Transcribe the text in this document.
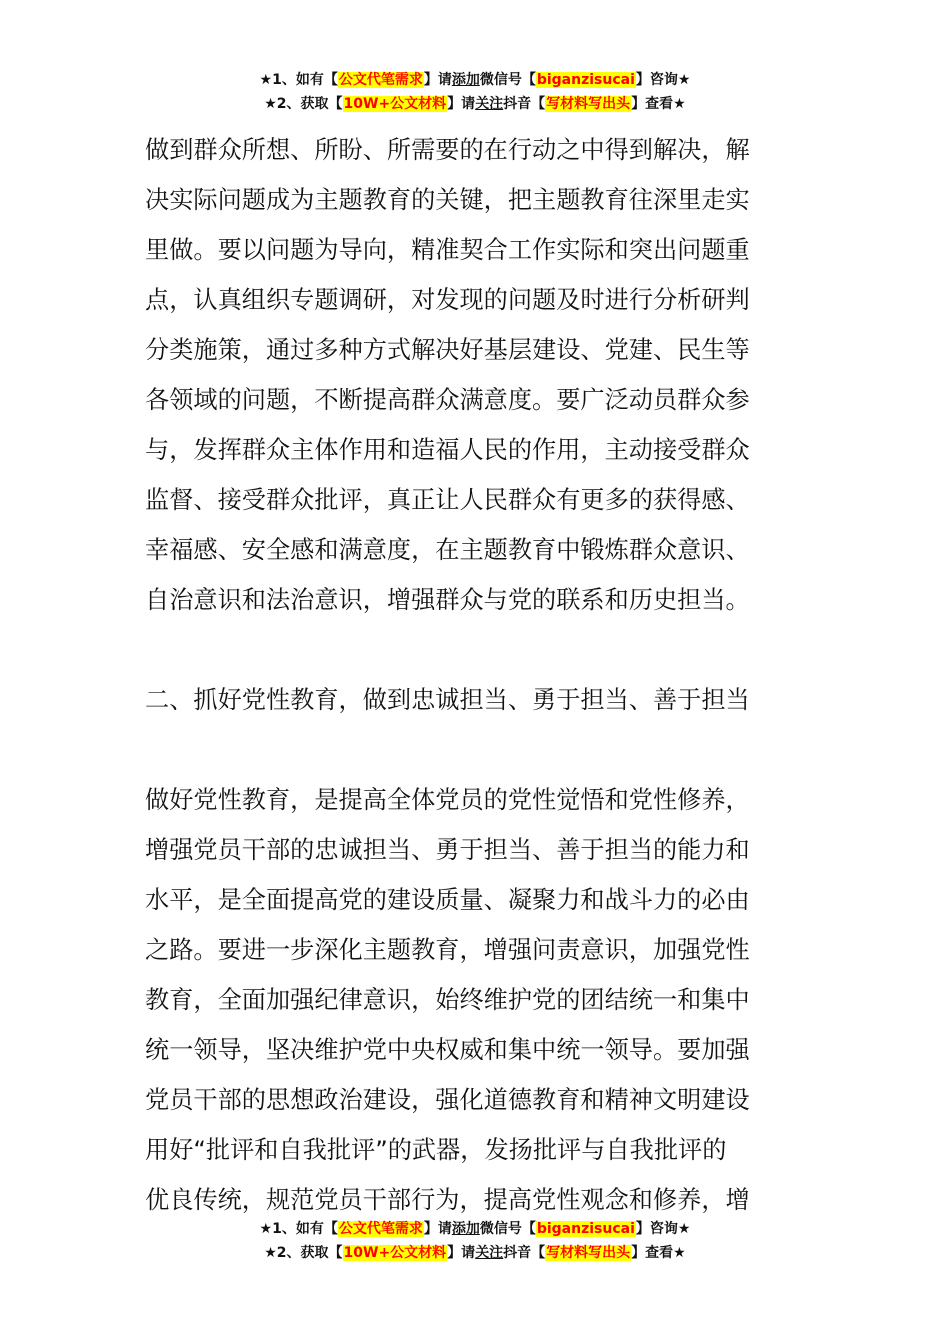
★1、如有【公文代笔需求】请添加微信号【biganzisucai】咨询★
★2、获取【10W+公文材料】请关注抖音【写材料写出头】查看★

做到群众所想、所盼、所需要的在行动之中得到解决，解
决实际问题成为主题教育的关键，把主题教育往深里走实
里做。要以问题为导向，精准契合工作实际和突出问题重
点，认真组织专题调研，对发现的问题及时进行分析研判
分类施策，通过多种方式解决好基层建设、党建、民生等
各领域的问题，不断提高群众满意度。要广泛动员群众参
与，发挥群众主体作用和造福人民的作用，主动接受群众
监督、接受群众批评，真正让人民群众有更多的获得感、
幸福感、安全感和满意度，在主题教育中锻炼群众意识、
自治意识和法治意识，增强群众与党的联系和历史担当。

二、抓好党性教育，做到忠诚担当、勇于担当、善于担当

做好党性教育，是提高全体党员的党性觉悟和党性修养，
增强党员干部的忠诚担当、勇于担当、善于担当的能力和
水平，是全面提高党的建设质量、凝聚力和战斗力的必由
之路。要进一步深化主题教育，增强问责意识，加强党性
教育，全面加强纪律意识，始终维护党的团结统一和集中
统一领导，坚决维护党中央权威和集中统一领导。要加强
党员干部的思想政治建设，强化道德教育和精神文明建设
用好“批评和自我批评”的武器，发扬批评与自我批评的
优良传统，规范党员干部行为，提高党性观念和修养，增

★1、如有【公文代笔需求】请添加微信号【biganzisucai】咨询★
★2、获取【10W+公文材料】请关注抖音【写材料写出头】查看★
